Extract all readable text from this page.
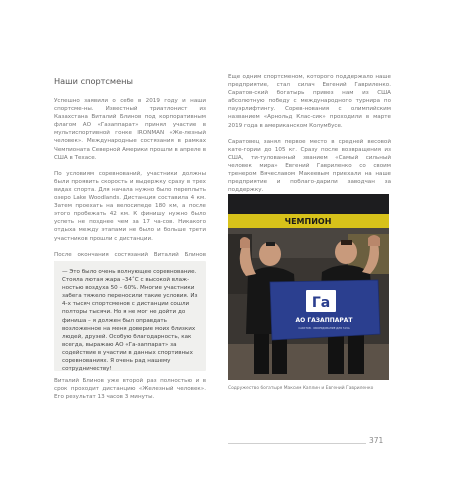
Наши спортсмены

Успешно заявили о себе в 2019 году и наши спортсме-ны. Известный триатлонист из Казахстана Виталий Блинов под корпоративным флагом АО «Газаппарат» принял участие в мультиспортивной гонке IRONMAN «Же-лезный человек». Международные состязания в рамках Чемпионата Северной Америки прошли в апреле в США в Техасе.

По условиям соревнований, участники должны были проявить скорость и выдержку сразу в трех видах спорта. Для начала нужно было переплыть озеро Lake Woodlands. Дистанция составила 4 км. Затем проехать на велосипеде 180 км, а после этого пробежать 42 км. К финишу нужно было успеть не позднее чем за 17 ча-сов. Никакого отдыха между этапами не было и больше трети участников прошли с дистанции.

После окончания состязаний Виталий Блинов

— Это было очень волнующее соревнование. Стояла лютая жара –34˚С с высокой влаж-ностью воздуха 50 – 60%. Многие участники забега тяжело переносили такие условия. Из 4-х тысяч спортсменов с дистанции сошли полторы тысячи. Но я не мог не дойти до финиша – я должен был оправдать возложенное на меня доверие моих близких людей, друзей. Особую благодарность, как всегда, выражаю АО «Га-заппарат» за содействие в участии в данных спортивных соревнованиях. Я очень рад нашему сотрудничеству!

Виталий Блинов уже второй раз полностью и в срок проходит дистанцию «Железный человек». Его результат 13 часов 3 минуты.

Еще одним спортсменом, которого поддержало наше предприятие, стал силач Евгений Гавриленко. Саратов-ский богатырь привез нам из США абсолютную победу с международного турнира по пауэрлифтингу. Сорев-нования с олимпийским названием «Арнольд Клас-сик» проходили в марте 2019 года в американском Колумбусе.

Саратовец занял первое место в средней весовой кате-гории до 105 кг. Сразу после возвращения из США, ти-тулованный званием «Самый сильный человек мира» Евгений Гавриленко со своим тренером Вячеславом Макеевым приехали на наше предприятие и поблаго-дарили заводчан за поддержку.

ЧЕМПИОН
Га
АО ГАЗАППАРАТ
САРАТОВ · ОБОРУДОВАНИЕ ДЛЯ ГАЗА
Содружество богатыря Максим Каплин и Евгений Гавриленко
371
